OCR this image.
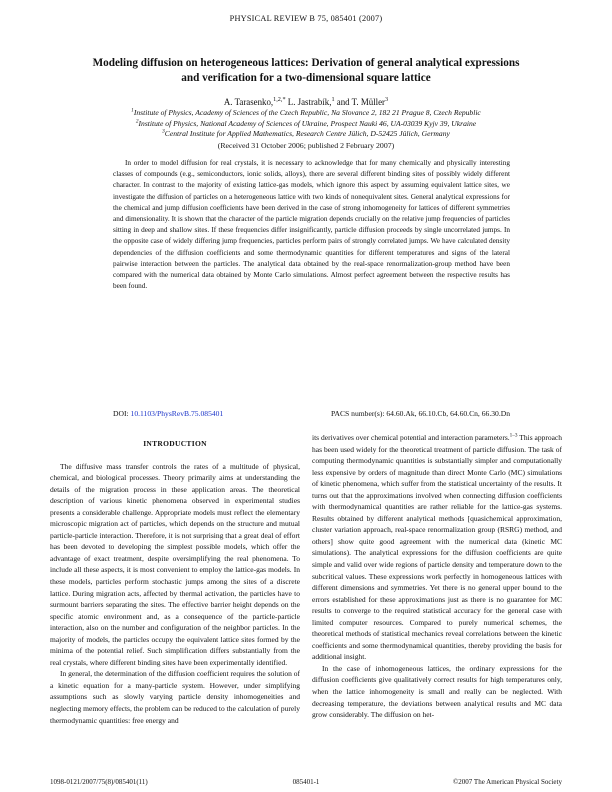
PHYSICAL REVIEW B 75, 085401 (2007)
Modeling diffusion on heterogeneous lattices: Derivation of general analytical expressions
and verification for a two-dimensional square lattice
A. Tarasenko,$^{1,2,*}$ L. Jastrabík,$^1$ and T. Müller$^3$
$^1$Institute of Physics, Academy of Sciences of the Czech Republic, Na Slovance 2, 182 21 Prague 8, Czech Republic
$^2$Institute of Physics, National Academy of Sciences of Ukraine, Prospect Nauki 46, UA-03039 Kyjv 39, Ukraine
$^3$Central Institute for Applied Mathematics, Research Centre Jülich, D-52425 Jülich, Germany
(Received 31 October 2006; published 2 February 2007)
In order to model diffusion for real crystals, it is necessary to acknowledge that for many chemically and physically interesting classes of compounds (e.g., semiconductors, ionic solids, alloys), there are several different binding sites of possibly widely different character. In contrast to the majority of existing lattice-gas models, which ignore this aspect by assuming equivalent lattice sites, we investigate the diffusion of particles on a heterogeneous lattice with two kinds of nonequivalent sites. General analytical expressions for the chemical and jump diffusion coefficients have been derived in the case of strong inhomogeneity for lattices of different symmetries and dimensionality. It is shown that the character of the particle migration depends crucially on the relative jump frequencies of particles sitting in deep and shallow sites. If these frequencies differ insignificantly, particle diffusion proceeds by single uncorrelated jumps. In the opposite case of widely differing jump frequencies, particles perform pairs of strongly correlated jumps. We have calculated density dependencies of the diffusion coefficients and some thermodynamic quantities for different temperatures and signs of the lateral pairwise interaction between the particles. The analytical data obtained by the real-space renormalization-group method have been compared with the numerical data obtained by Monte Carlo simulations. Almost perfect agreement between the respective results has been found.
DOI: 10.1103/PhysRevB.75.085401	PACS number(s): 64.60.Ak, 66.10.Cb, 64.60.Cn, 66.30.Dn
INTRODUCTION

The diffusive mass transfer controls the rates of a multitude of physical, chemical, and biological processes. Theory primarily aims at understanding the details of the migration process in these application areas. The theoretical description of various kinetic phenomena observed in experimental studies presents a considerable challenge. Appropriate models must reflect the elementary microscopic migration act of particles, which depends on the structure and mutual particle-particle interaction. Therefore, it is not surprising that a great deal of effort has been devoted to developing the simplest possible models, which offer the advantage of exact treatment, despite oversimplifying the real phenomena. To include all these aspects, it is most convenient to employ the lattice-gas models. In these models, particles perform stochastic jumps among the sites of a discrete lattice. During migration acts, affected by thermal activation, the particles have to surmount barriers separating the sites. The effective barrier height depends on the specific atomic environment and, as a consequence of the particle-particle interaction, also on the number and configuration of the neighbor particles. In the majority of models, the particles occupy the equivalent lattice sites formed by the minima of the potential relief. Such simplification differs substantially from the real crystals, where different binding sites have been experimentally identified.

In general, the determination of the diffusion coefficient requires the solution of a kinetic equation for a many-particle system. However, under simplifying assumptions such as slowly varying particle density inhomogeneities and neglecting memory effects, the problem can be reduced to the calculation of purely thermodynamic quantities: free energy and

its derivatives over chemical potential and interaction parameters.$^{1-3}$ This approach has been used widely for the theoretical treatment of particle diffusion. The task of computing thermodynamic quantities is substantially simpler and computationally less expensive by orders of magnitude than direct Monte Carlo (MC) simulations of kinetic phenomena, which suffer from the statistical uncertainty of the results. It turns out that the approximations involved when connecting diffusion coefficients with thermodynamical quantities are rather reliable for the lattice-gas systems. Results obtained by different analytical methods [quasichemical approximation, cluster variation approach, real-space renormalization group (RSRG) method, and others] show quite good agreement with the numerical data (kinetic MC simulations). The analytical expressions for the diffusion coefficients are quite simple and valid over wide regions of particle density and temperature down to the subcritical values. These expressions work perfectly in homogeneous lattices with different dimensions and symmetries. Yet there is no general upper bound to the errors established for these approximations just as there is no guarantee for MC results to converge to the required statistical accuracy for the general case with limited computer resources. Compared to purely numerical schemes, the theoretical methods of statistical mechanics reveal correlations between the kinetic coefficients and some thermodynamical quantities, thereby providing the basis for additional insight.

In the case of inhomogeneous lattices, the ordinary expressions for the diffusion coefficients give qualitatively correct results for high temperatures only, when the lattice inhomogeneity is small and really can be neglected. With decreasing temperature, the deviations between analytical results and MC data grow considerably. The diffusion on het-

1098-0121/2007/75(8)/085401(11)	085401-1	©2007 The American Physical Society
